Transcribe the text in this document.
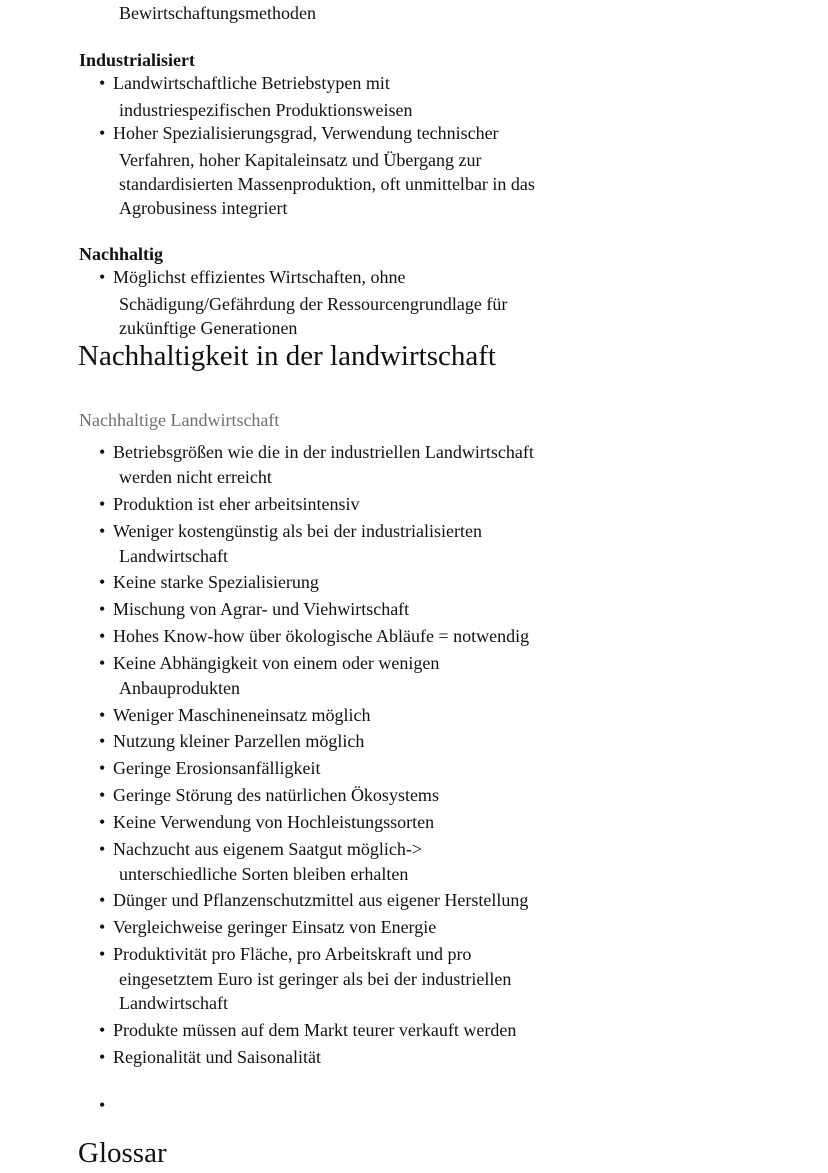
Bewirtschaftungsmethoden
Industrialisiert
• Landwirtschaftliche Betriebstypen mit
industriespezifischen Produktionsweisen
• Hoher Spezialisierungsgrad, Verwendung technischer
Verfahren, hoher Kapitaleinsatz und Übergang zur
standardisierten Massenproduktion, oft unmittelbar in das
Agrobusiness integriert
Nachhaltig
• Möglichst effizientes Wirtschaften, ohne
Schädigung/Gefährdung der Ressourcengrundlage für
zukünftige Generationen
Nachhaltigkeit in der landwirtschaft
Nachhaltige Landwirtschaft
• Betriebsgrößen wie die in der industriellen Landwirtschaft
werden nicht erreicht
• Produktion ist eher arbeitsintensiv
• Weniger kostengünstig als bei der industrialisierten
Landwirtschaft
• Keine starke Spezialisierung
• Mischung von Agrar- und Viehwirtschaft
• Hohes Know-how über ökologische Abläufe = notwendig
• Keine Abhängigkeit von einem oder wenigen
Anbauprodukten
• Weniger Maschineneinsatz möglich
• Nutzung kleiner Parzellen möglich
• Geringe Erosionsanfälligkeit
• Geringe Störung des natürlichen Ökosystems
• Keine Verwendung von Hochleistungssorten
• Nachzucht aus eigenem Saatgut möglich->
unterschiedliche Sorten bleiben erhalten
• Dünger und Pflanzenschutzmittel aus eigener Herstellung
• Vergleichweise geringer Einsatz von Energie
• Produktivität pro Fläche, pro Arbeitskraft und pro
eingesetztem Euro ist geringer als bei der industriellen
Landwirtschaft
• Produkte müssen auf dem Markt teurer verkauft werden
• Regionalität und Saisonalität
•
Glossar
